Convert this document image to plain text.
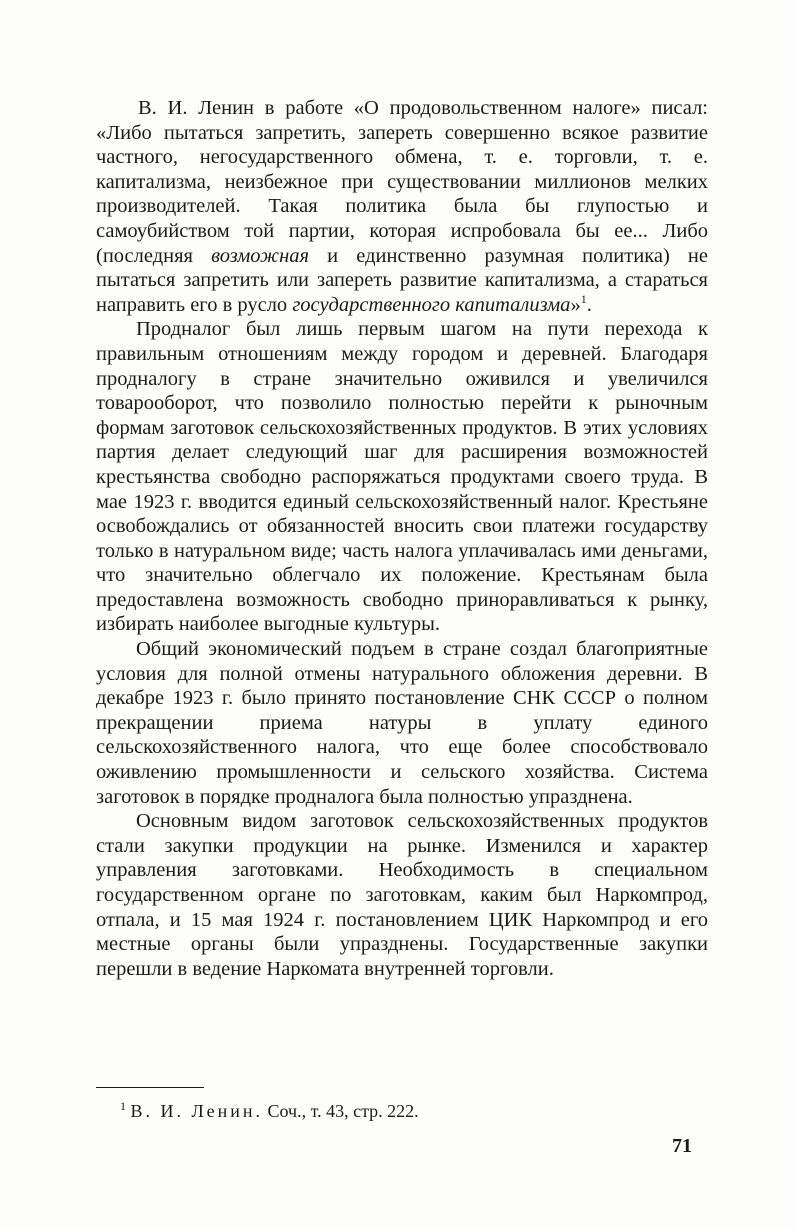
В. И. Ленин в работе «О продовольственном налоге» писал: «Либо пытаться запретить, запереть совершенно всякое развитие частного, негосударственного обмена, т. е. торговли, т. е. капитализма, неизбежное при существовании миллионов мелких производителей. Такая политика была бы глупостью и самоубийством той партии, которая испробовала бы ее... Либо (последняя возможная и единственно разумная политика) не пытаться запретить или запереть развитие капитализма, а стараться направить его в русло государственного капитализма»$^1$.

Продналог был лишь первым шагом на пути перехода к правильным отношениям между городом и деревней. Благодаря продналогу в стране значительно оживился и увеличился товарооборот, что позволило полностью перейти к рыночным формам заготовок сельскохозяйственных продуктов. В этих условиях партия делает следующий шаг для расширения возможностей крестьянства свободно распоряжаться продуктами своего труда. В мае 1923 г. вводится единый сельскохозяйственный налог. Крестьяне освобождались от обязанностей вносить свои платежи государству только в натуральном виде; часть налога уплачивалась ими деньгами, что значительно облегчало их положение. Крестьянам была предоставлена возможность свободно приноравливаться к рынку, избирать наиболее выгодные культуры.

Общий экономический подъем в стране создал благоприятные условия для полной отмены натурального обложения деревни. В декабре 1923 г. было принято постановление СНК СССР о полном прекращении приема натуры в уплату единого сельскохозяйственного налога, что еще более способствовало оживлению промышленности и сельского хозяйства. Система заготовок в порядке продналога была полностью упразднена.

Основным видом заготовок сельскохозяйственных продуктов стали закупки продукции на рынке. Изменился и характер управления заготовками. Необходимость в специальном государственном органе по заготовкам, каким был Наркомпрод, отпала, и 15 мая 1924 г. постановлением ЦИК Наркомпрод и его местные органы были упразднены. Государственные закупки перешли в ведение Наркомата внутренней торговли.

$^1$ В. И. Ленин. Соч., т. 43, стр. 222.
71
